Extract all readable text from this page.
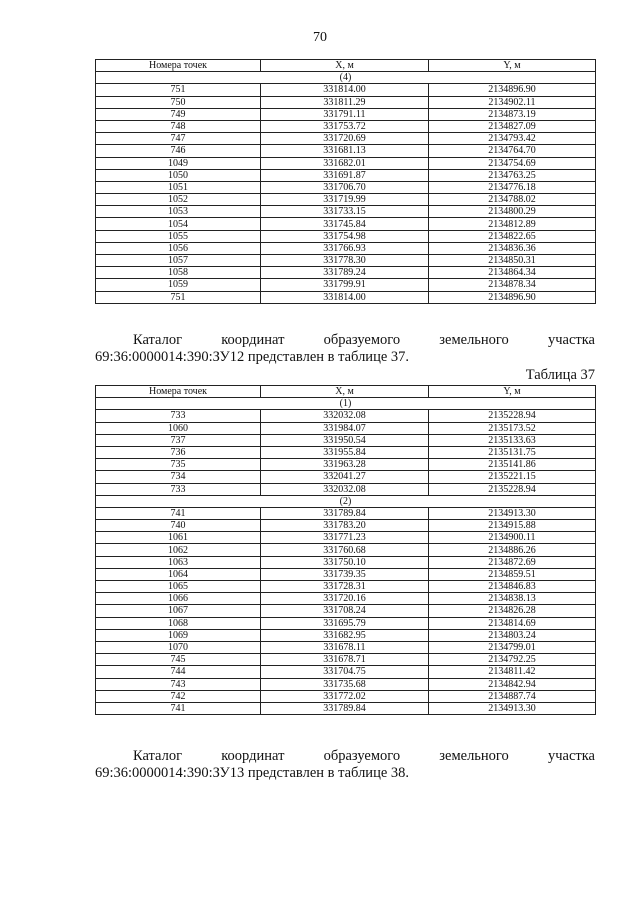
70
Номера точек	X, м	Y, м
(4)		
751	331814.00	2134896.90
750	331811.29	2134902.11
749	331791.11	2134873.19
748	331753.72	2134827.09
747	331720.69	2134793.42
746	331681.13	2134764.70
1049	331682.01	2134754.69
1050	331691.87	2134763.25
1051	331706.70	2134776.18
1052	331719.99	2134788.02
1053	331733.15	2134800.29
1054	331745.84	2134812.89
1055	331754.98	2134822.65
1056	331766.93	2134836.36
1057	331778.30	2134850.31
1058	331789.24	2134864.34
1059	331799.91	2134878.34
751	331814.00	2134896.90
Каталог	координат	образуемого	земельного	участка
69:36:0000014:390:ЗУ12 представлен в таблице 37.
Таблица 37
Номера точек	X, м	Y, м
(1)		
733	332032.08	2135228.94
1060	331984.07	2135173.52
737	331950.54	2135133.63
736	331955.84	2135131.75
735	331963.28	2135141.86
734	332041.27	2135221.15
733	332032.08	2135228.94
(2)		
741	331789.84	2134913.30
740	331783.20	2134915.88
1061	331771.23	2134900.11
1062	331760.68	2134886.26
1063	331750.10	2134872.69
1064	331739.35	2134859.51
1065	331728.31	2134846.83
1066	331720.16	2134838.13
1067	331708.24	2134826.28
1068	331695.79	2134814.69
1069	331682.95	2134803.24
1070	331678.11	2134799.01
745	331678.71	2134792.25
744	331704.75	2134811.42
743	331735.68	2134842.94
742	331772.02	2134887.74
741	331789.84	2134913.30
Каталог	координат	образуемого	земельного	участка
69:36:0000014:390:ЗУ13 представлен в таблице 38.
